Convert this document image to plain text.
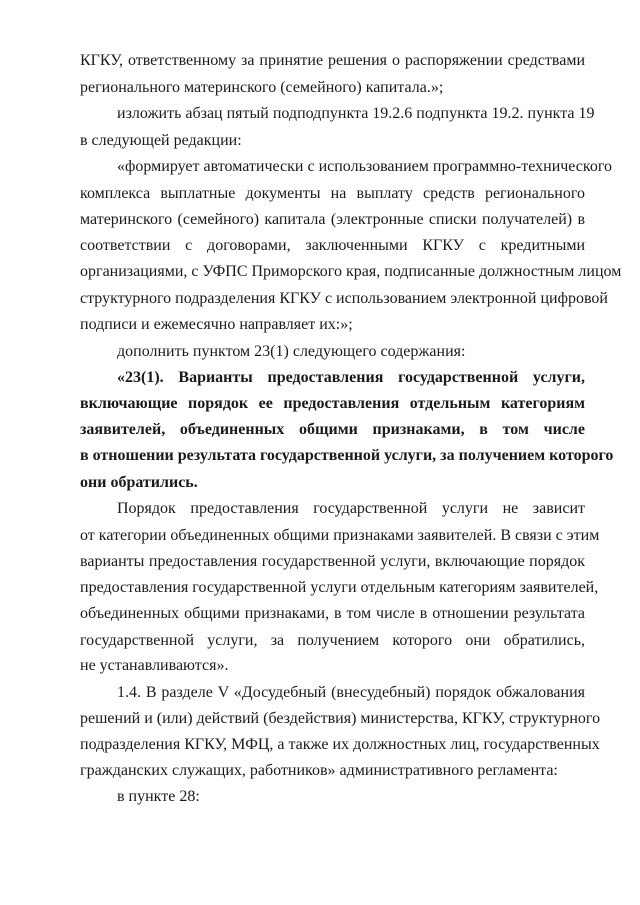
КГКУ, ответственному за принятие решения о распоряжении средствами
регионального материнского (семейного) капитала.»;
изложить абзац пятый подподпункта 19.2.6 подпункта 19.2. пункта 19
в следующей редакции:
«формирует автоматически с использованием программно-технического
комплекса выплатные документы на выплату средств регионального
материнского (семейного) капитала (электронные списки получателей) в
соответствии с договорами, заключенными КГКУ с кредитными
организациями, с УФПС Приморского края, подписанные должностным лицом
структурного подразделения КГКУ с использованием электронной цифровой
подписи и ежемесячно направляет их:»;
дополнить пунктом 23(1) следующего содержания:
«23(1). Варианты предоставления государственной услуги,
включающие порядок ее предоставления отдельным категориям
заявителей, объединенных общими признаками, в том числе
в отношении результата государственной услуги, за получением которого
они обратились.
Порядок предоставления государственной услуги не зависит
от категории объединенных общими признаками заявителей. В связи с этим
варианты предоставления государственной услуги, включающие порядок
предоставления государственной услуги отдельным категориям заявителей,
объединенных общими признаками, в том числе в отношении результата
государственной услуги, за получением которого они обратились,
не устанавливаются».
1.4. В разделе V «Досудебный (внесудебный) порядок обжалования
решений и (или) действий (бездействия) министерства, КГКУ, структурного
подразделения КГКУ, МФЦ, а также их должностных лиц, государственных
гражданских служащих, работников» административного регламента:
в пункте 28:
